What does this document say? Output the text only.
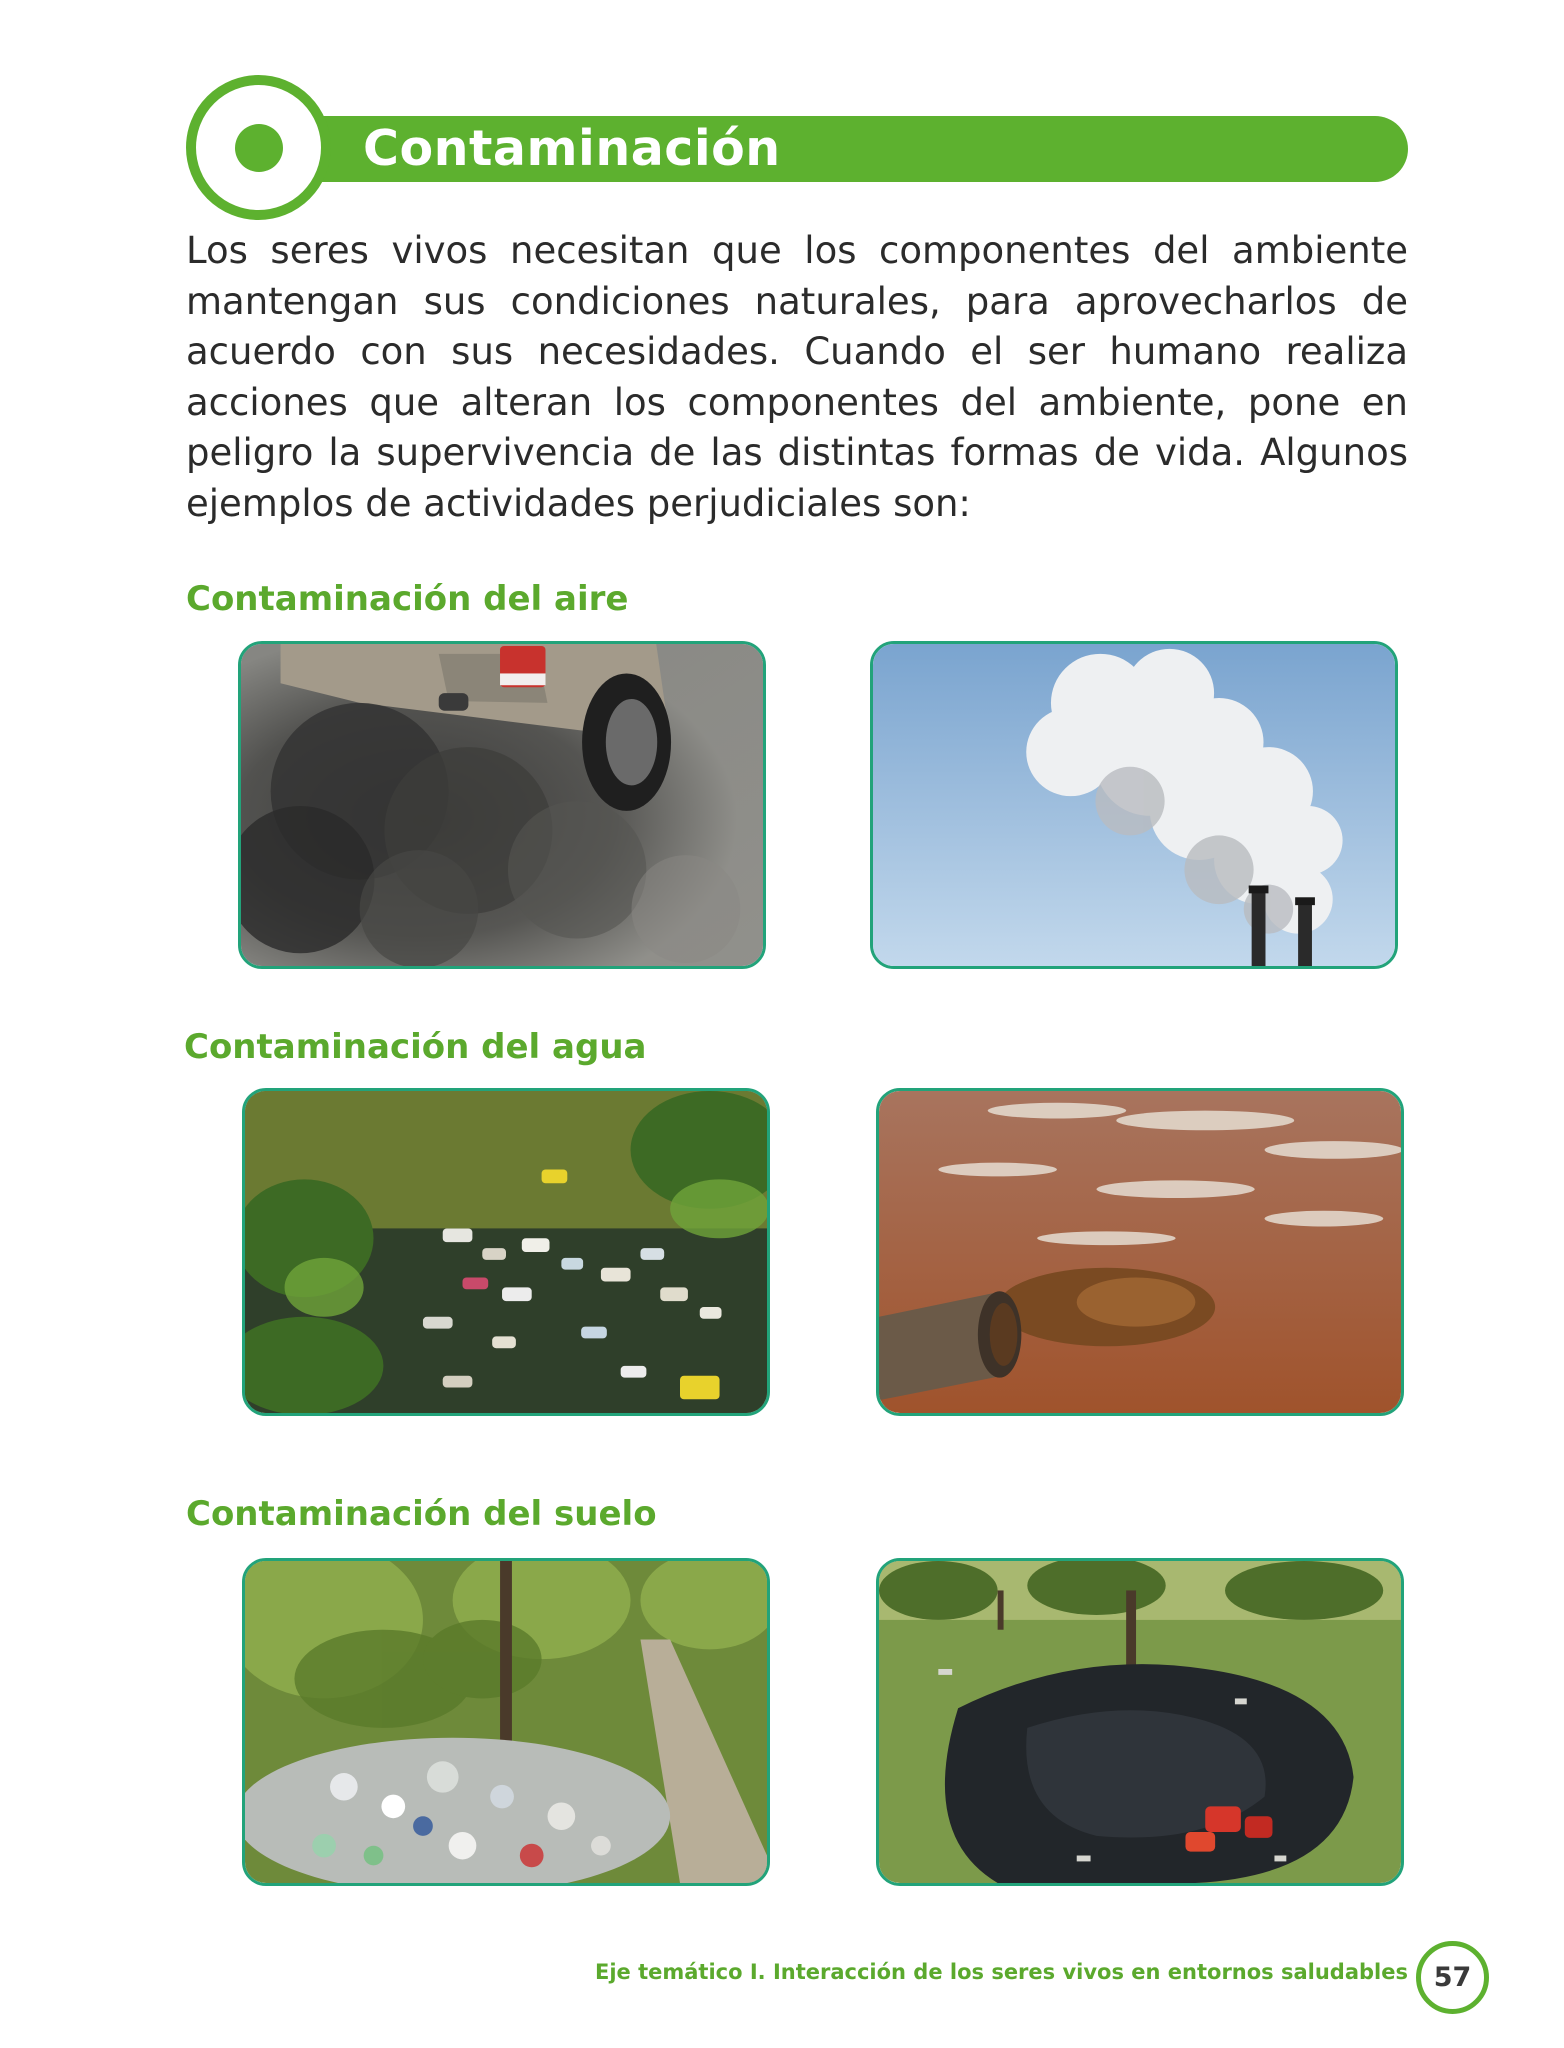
Contaminación
Los seres vivos necesitan que los componentes del ambiente mantengan sus condiciones naturales, para aprovecharlos de acuerdo con sus necesidades. Cuando el ser humano realiza acciones que alteran los componentes del ambiente, pone en peligro la supervivencia de las distintas formas de vida. Algunos ejemplos de actividades perjudiciales son:
Contaminación del aire
Contaminación del agua
Contaminación del suelo
Eje temático I. Interacción de los seres vivos en entornos saludables 57
